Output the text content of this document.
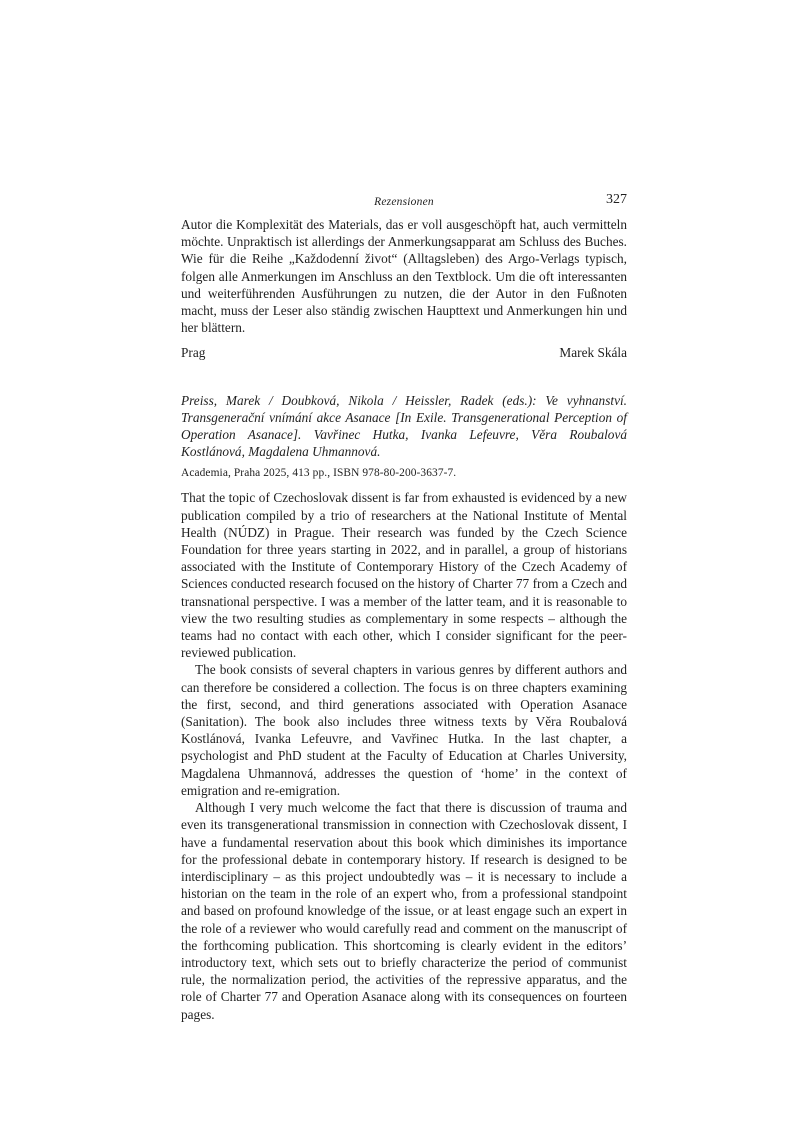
Rezensionen	327

Autor die Komplexität des Materials, das er voll ausgeschöpft hat, auch vermitteln möchte. Unpraktisch ist allerdings der Anmerkungsapparat am Schluss des Buches. Wie für die Reihe „Každodenní život“ (Alltagsleben) des Argo-Verlags typisch, folgen alle Anmerkungen im Anschluss an den Textblock. Um die oft interessanten und weiterführenden Ausführungen zu nutzen, die der Autor in den Fußnoten macht, muss der Leser also ständig zwischen Haupttext und Anmerkungen hin und her blättern.

Prag	Marek Skála
Preiss, Marek / Doubková, Nikola / Heissler, Radek (eds.): Ve vyhnanství. Transgenerační vnímání akce Asanace [In Exile. Transgenerational Perception of Operation Asanace]. Vavřinec Hutka, Ivanka Lefeuvre, Věra Roubalová Kostlánová, Magdalena Uhmannová.
Academia, Praha 2025, 413 pp., ISBN 978-80-200-3637-7.

That the topic of Czechoslovak dissent is far from exhausted is evidenced by a new publication compiled by a trio of researchers at the National Institute of Mental Health (NÚDZ) in Prague. Their research was funded by the Czech Science Foundation for three years starting in 2022, and in parallel, a group of historians associated with the Institute of Contemporary History of the Czech Academy of Sciences conducted research focused on the history of Charter 77 from a Czech and transnational perspective. I was a member of the latter team, and it is reasonable to view the two resulting studies as complementary in some respects – although the teams had no contact with each other, which I consider significant for the peer-reviewed publication.

The book consists of several chapters in various genres by different authors and can therefore be considered a collection. The focus is on three chapters examining the first, second, and third generations associated with Operation Asanace (Sanitation). The book also includes three witness texts by Věra Roubalová Kostlánová, Ivanka Lefeuvre, and Vavřinec Hutka. In the last chapter, a psychologist and PhD student at the Faculty of Education at Charles University, Magdalena Uhmannová, addresses the question of ‘home’ in the context of emigration and re-emigration.

Although I very much welcome the fact that there is discussion of trauma and even its transgenerational transmission in connection with Czechoslovak dissent, I have a fundamental reservation about this book which diminishes its importance for the professional debate in contemporary history. If research is designed to be interdisciplinary – as this project undoubtedly was – it is necessary to include a historian on the team in the role of an expert who, from a professional standpoint and based on profound knowledge of the issue, or at least engage such an expert in the role of a reviewer who would carefully read and comment on the manuscript of the forthcoming publication. This shortcoming is clearly evident in the editors’ introductory text, which sets out to briefly characterize the period of communist rule, the normalization period, the activities of the repressive apparatus, and the role of Charter 77 and Operation Asanace along with its consequences on fourteen pages.
